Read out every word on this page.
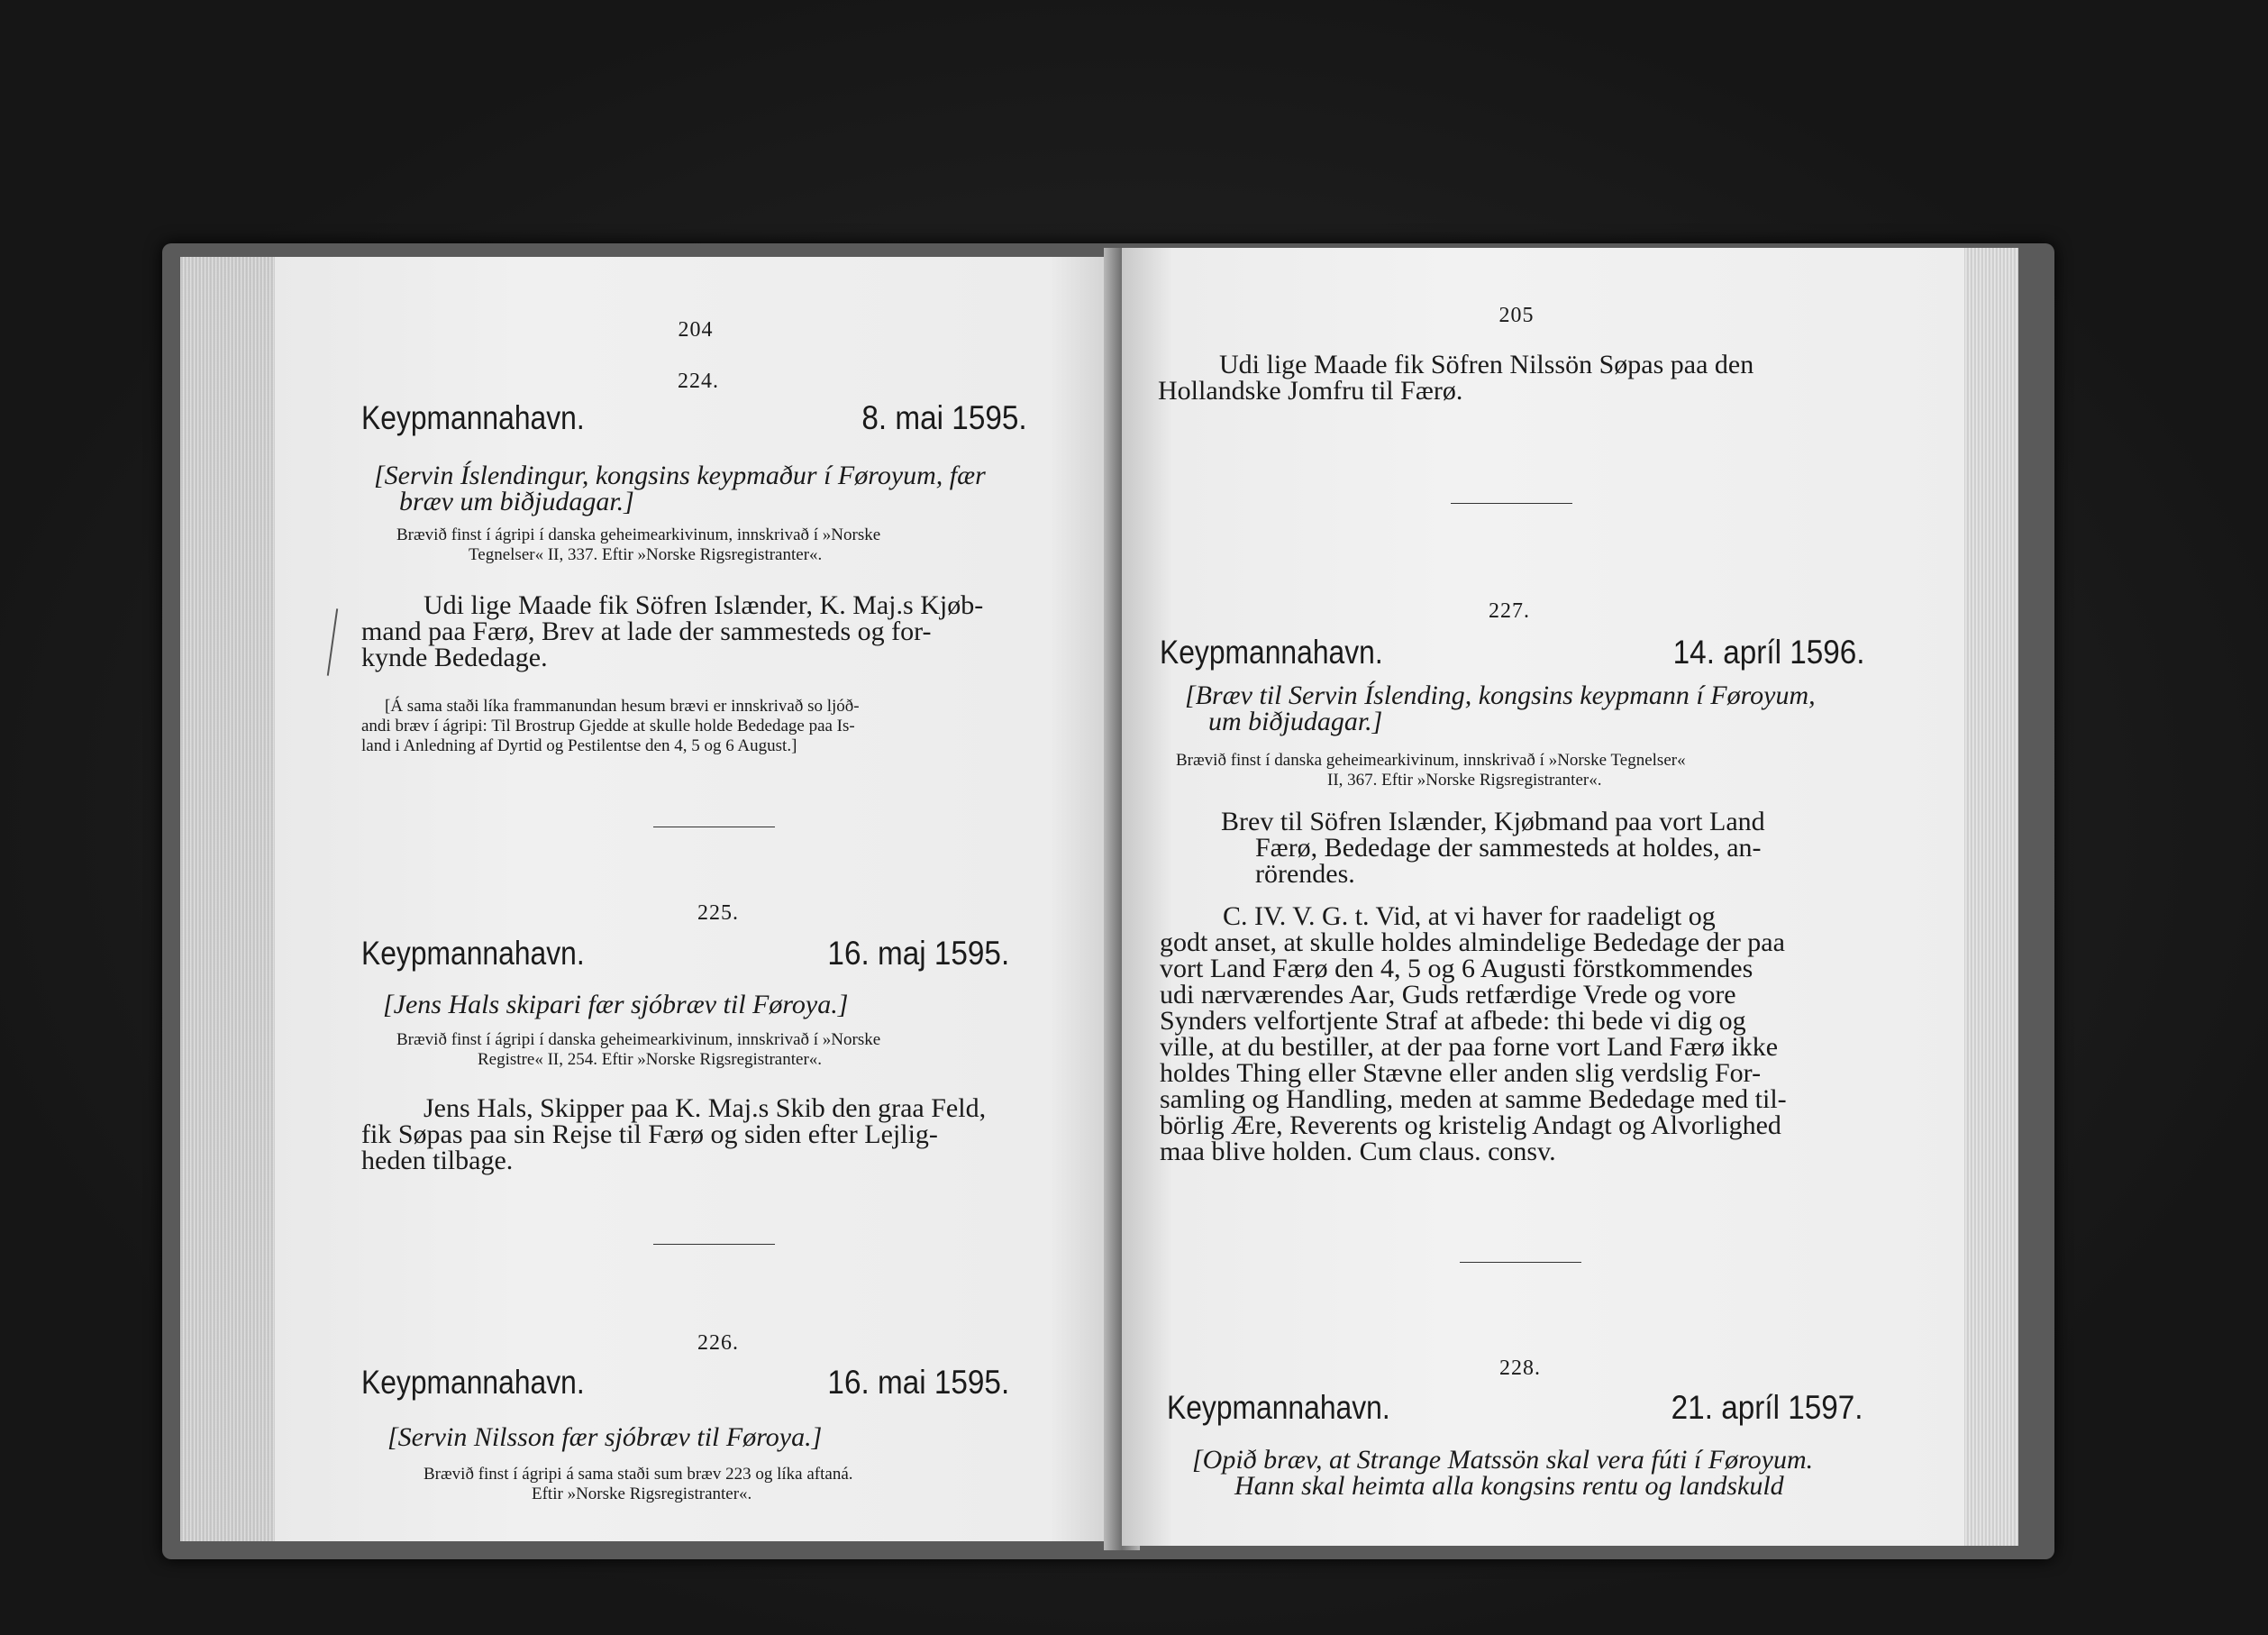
204
224.
Keypmannahavn.	8. mai 1595.
[Servin Íslendingur, kongsins keypmaður í Føroyum, fær
bræv um biðjudagar.]
Brævið finst í ágripi í danska geheimearkivinum, innskrivað í »Norske
Tegnelser« II, 337. Eftir »Norske Rigsregistranter«.
Udi lige Maade fik Söfren Islænder, K. Maj.s Kjøb-
mand paa Færø, Brev at lade der sammesteds og for-
kynde Bededage.
[Á sama staði líka frammanundan hesum brævi er innskrivað so ljóð-
andi bræv í ágripi: Til Brostrup Gjedde at skulle holde Bededage paa Is-
land i Anledning af Dyrtid og Pestilentse den 4, 5 og 6 August.]
225.
Keypmannahavn.	16. maj 1595.
[Jens Hals skipari fær sjóbræv til Føroya.]
Brævið finst í ágripi í danska geheimearkivinum, innskrivað í »Norske
Registre« II, 254. Eftir »Norske Rigsregistranter«.
Jens Hals, Skipper paa K. Maj.s Skib den graa Feld,
fik Søpas paa sin Rejse til Færø og siden efter Lejlig-
heden tilbage.
226.
Keypmannahavn.	16. mai 1595.
[Servin Nilsson fær sjóbræv til Føroya.]
Brævið finst í ágripi á sama staði sum bræv 223 og líka aftaná.
Eftir »Norske Rigsregistranter«.
205
Udi lige Maade fik Söfren Nilssön Søpas paa den
Hollandske Jomfru til Færø.
227.
Keypmannahavn.	14. apríl 1596.
[Bræv til Servin Íslending, kongsins keypmann í Føroyum,
um biðjudagar.]
Brævið finst í danska geheimearkivinum, innskrivað í »Norske Tegnelser«
II, 367. Eftir »Norske Rigsregistranter«.
Brev til Söfren Islænder, Kjøbmand paa vort Land
Færø, Bededage der sammesteds at holdes, an-
rörendes.
C. IV. V. G. t. Vid, at vi haver for raadeligt og
godt anset, at skulle holdes almindelige Bededage der paa
vort Land Færø den 4, 5 og 6 Augusti förstkommendes
udi nærværendes Aar, Guds retfærdige Vrede og vore
Synders velfortjente Straf at afbede: thi bede vi dig og
ville, at du bestiller, at der paa forne vort Land Færø ikke
holdes Thing eller Stævne eller anden slig verdslig For-
samling og Handling, meden at samme Bededage med til-
börlig Ære, Reverents og kristelig Andagt og Alvorlighed
maa blive holden. Cum claus. consv.
228.
Keypmannahavn.	21. apríl 1597.
[Opið bræv, at Strange Matssön skal vera fúti í Føroyum.
Hann skal heimta alla kongsins rentu og landskuld
